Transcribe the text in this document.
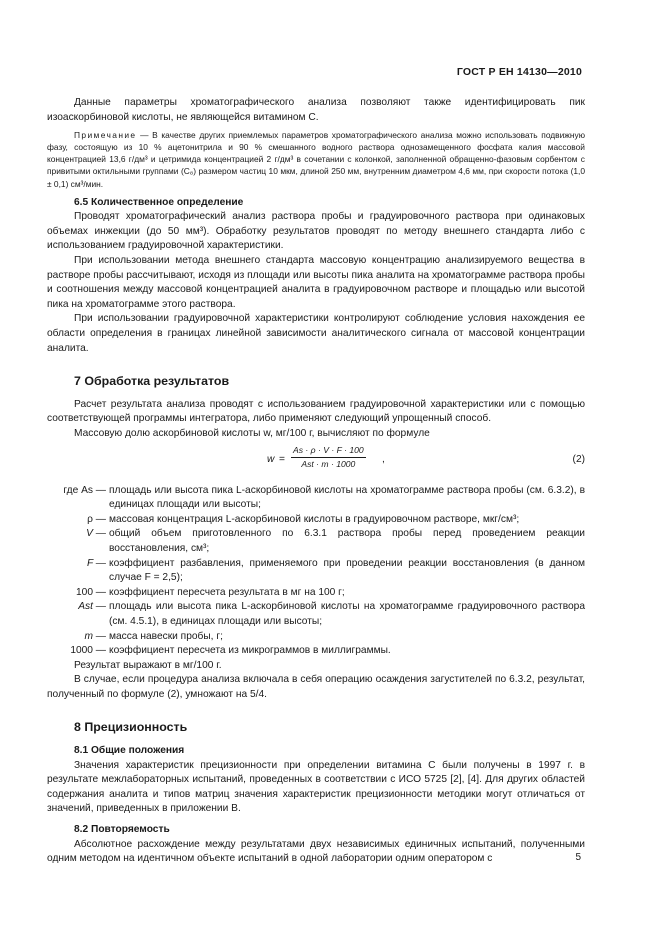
ГОСТ Р ЕН 14130—2010

Данные параметры хроматографического анализа позволяют также идентифицировать пик изоаскорбиновой кислоты, не являющейся витамином С.

Примечание — В качестве других приемлемых параметров хроматографического анализа можно использовать подвижную фазу, состоящую из 10 % ацетонитрила и 90 % смешанного водного раствора однозамещенного фосфата калия массовой концентрацией 13,6 г/дм³ и цетримида концентрацией 2 г/дм³ в сочетании с колонкой, заполненной обращенно-фазовым сорбентом с привитыми октильными группами (C₈) размером частиц 10 мкм, длиной 250 мм, внутренним диаметром 4,6 мм, при скорости потока (1,0 ± 0,1) см³/мин.

6.5 Количественное определение

Проводят хроматографический анализ раствора пробы и градуировочного раствора при одинаковых объемах инжекции (до 50 мм³). Обработку результатов проводят по методу внешнего стандарта либо с использованием градуировочной характеристики.

При использовании метода внешнего стандарта массовую концентрацию анализируемого вещества в растворе пробы рассчитывают, исходя из площади или высоты пика аналита на хроматограмме раствора пробы и соотношения между массовой концентрацией аналита в градуировочном растворе и площадью или высотой пика на хроматограмме этого раствора.

При использовании градуировочной характеристики контролируют соблюдение условия нахождения ее области определения в границах линейной зависимости аналитического сигнала от массовой концентрации аналита.

7 Обработка результатов

Расчет результата анализа проводят с использованием градуировочной характеристики или с помощью соответствующей программы интегратора, либо применяют следующий упрощенный способ.

Массовую долю аскорбиновой кислоты w, мг/100 г, вычисляют по формуле

w =
As · ρ · V · F · 100
Ast · m · 1000	,	(2)
где As — площадь или высота пика L-аскорбиновой кислоты на хроматограмме раствора пробы (см. 6.3.2), в единицах площади или высоты;
ρ — массовая концентрация L-аскорбиновой кислоты в градуировочном растворе, мкг/см³;
V — общий объем приготовленного по 6.3.1 раствора пробы перед проведением реакции восстановления, см³;
F — коэффициент разбавления, применяемого при проведении реакции восстановления (в данном случае F = 2,5);
100 — коэффициент пересчета результата в мг на 100 г;
Ast — площадь или высота пика L-аскорбиновой кислоты на хроматограмме градуировочного раствора (см. 4.5.1), в единицах площади или высоты;
m — масса навески пробы, г;
1000 — коэффициент пересчета из микрограммов в миллиграммы.

Результат выражают в мг/100 г.

В случае, если процедура анализа включала в себя операцию осаждения загустителей по 6.3.2, результат, полученный по формуле (2), умножают на 5/4.

8 Прецизионность
8.1 Общие положения

Значения характеристик прецизионности при определении витамина С были получены в 1997 г. в результате межлабораторных испытаний, проведенных в соответствии с ИСО 5725 [2], [4]. Для других областей содержания аналита и типов матриц значения характеристик прецизионности методики могут отличаться от значений, приведенных в приложении В.

8.2 Повторяемость

Абсолютное расхождение между результатами двух независимых единичных испытаний, полученными одним методом на идентичном объекте испытаний в одной лаборатории одним оператором с	5
